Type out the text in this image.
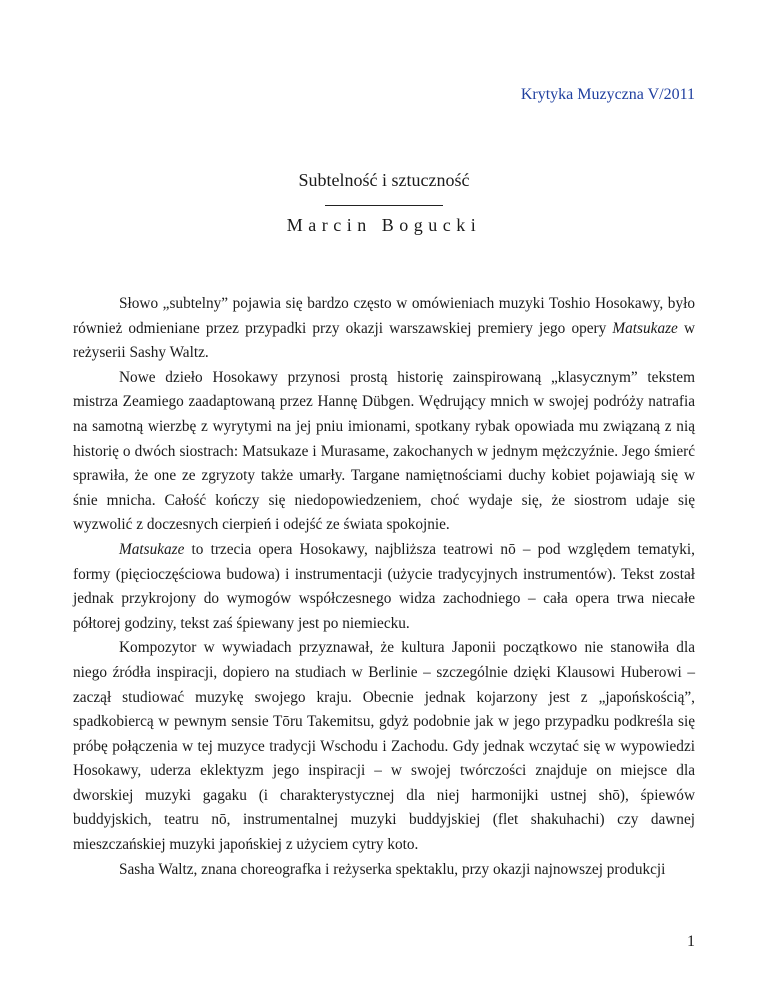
Krytyka Muzyczna V/2011
Subtelność i sztuczność
Marcin Bogucki

Słowo „subtelny” pojawia się bardzo często w omówieniach muzyki Toshio Hosokawy, było również odmieniane przez przypadki przy okazji warszawskiej premiery jego opery Matsukaze w reżyserii Sashy Waltz.

Nowe dzieło Hosokawy przynosi prostą historię zainspirowaną „klasycznym” tekstem mistrza Zeamiego zaadaptowaną przez Hannę Dübgen. Wędrujący mnich w swojej podróży natrafia na samotną wierzbę z wyrytymi na jej pniu imionami, spotkany rybak opowiada mu związaną z nią historię o dwóch siostrach: Matsukaze i Murasame, zakochanych w jednym mężczyźnie. Jego śmierć sprawiła, że one ze zgryzoty także umarły. Targane namiętnościami duchy kobiet pojawiają się w śnie mnicha. Całość kończy się niedopowiedzeniem, choć wydaje się, że siostrom udaje się wyzwolić z doczesnych cierpień i odejść ze świata spokojnie.

Matsukaze to trzecia opera Hosokawy, najbliższa teatrowi nō – pod względem tematyki, formy (pięcioczęściowa budowa) i instrumentacji (użycie tradycyjnych instrumentów). Tekst został jednak przykrojony do wymogów współczesnego widza zachodniego – cała opera trwa niecałe półtorej godziny, tekst zaś śpiewany jest po niemiecku.

Kompozytor w wywiadach przyznawał, że kultura Japonii początkowo nie stanowiła dla niego źródła inspiracji, dopiero na studiach w Berlinie – szczególnie dzięki Klausowi Huberowi – zaczął studiować muzykę swojego kraju. Obecnie jednak kojarzony jest z „japońskością”, spadkobiercą w pewnym sensie Tōru Takemitsu, gdyż podobnie jak w jego przypadku podkreśla się próbę połączenia w tej muzyce tradycji Wschodu i Zachodu. Gdy jednak wczytać się w wypowiedzi Hosokawy, uderza eklektyzm jego inspiracji – w swojej twórczości znajduje on miejsce dla dworskiej muzyki gagaku (i charakterystycznej dla niej harmonijki ustnej shō), śpiewów buddyjskich, teatru nō, instrumentalnej muzyki buddyjskiej (flet shakuhachi) czy dawnej mieszczańskiej muzyki japońskiej z użyciem cytry koto.

Sasha Waltz, znana choreografka i reżyserka spektaklu, przy okazji najnowszej produkcji

1
